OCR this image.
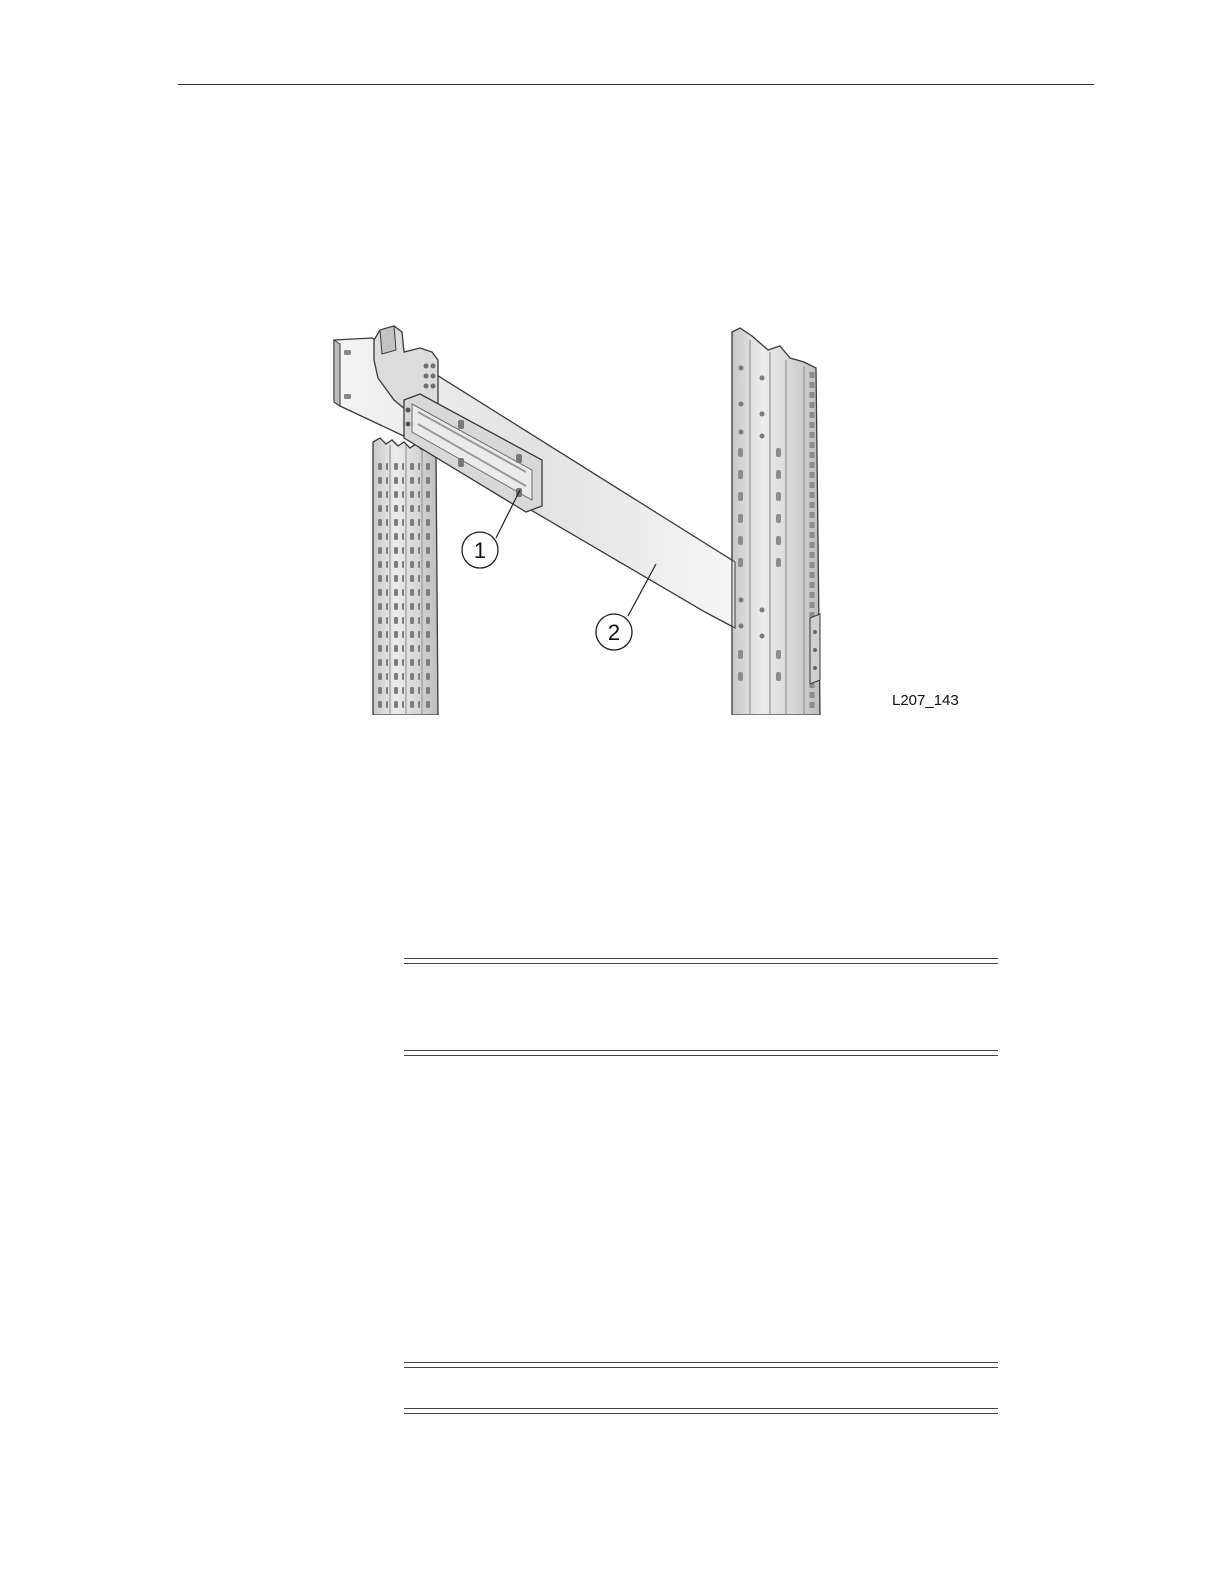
1
2
L207_143
